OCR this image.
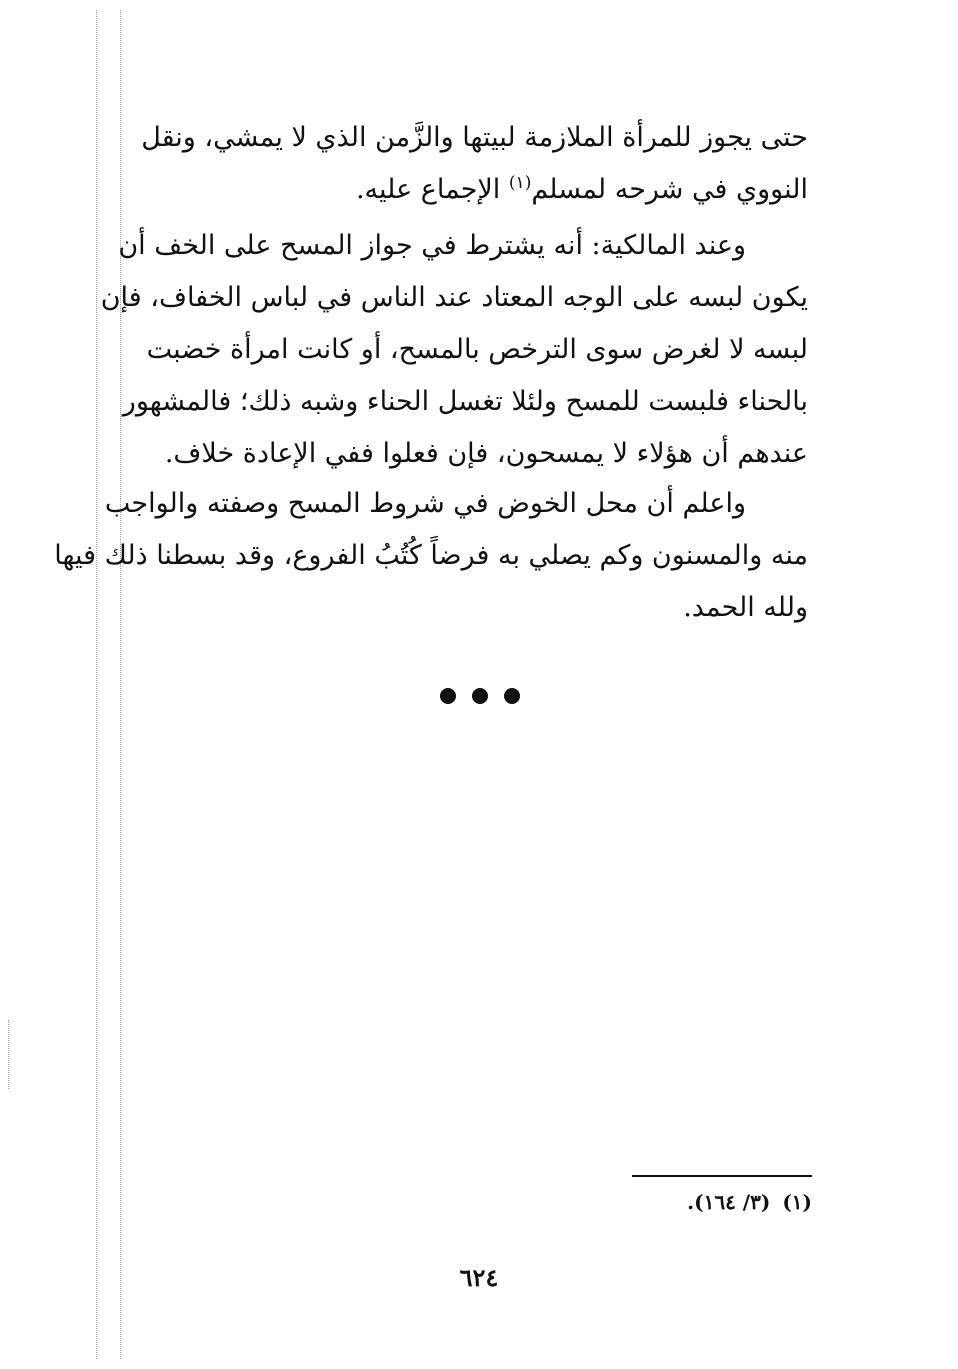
حتى يجوز للمرأة الملازمة لبيتها والزَّمن الذي لا يمشي، ونقل
النووي في شرحه لمسلم$^{(١)}$ الإجماع عليه.
وعند المالكية: أنه يشترط في جواز المسح على الخف أن
يكون لبسه على الوجه المعتاد عند الناس في لباس الخفاف، فإن
لبسه لا لغرض سوى الترخص بالمسح، أو كانت امرأة خضبت
بالحناء فلبست للمسح ولئلا تغسل الحناء وشبه ذلك؛ فالمشهور
عندهم أن هؤلاء لا يمسحون، فإن فعلوا ففي الإعادة خلاف.
واعلم أن محل الخوض في شروط المسح وصفته والواجب
منه والمسنون وكم يصلي به فرضاً كُتُبُ الفروع، وقد بسطنا ذلك فيها
ولله الحمد.
(١)(٣/ ١٦٤).
٦٢٤
